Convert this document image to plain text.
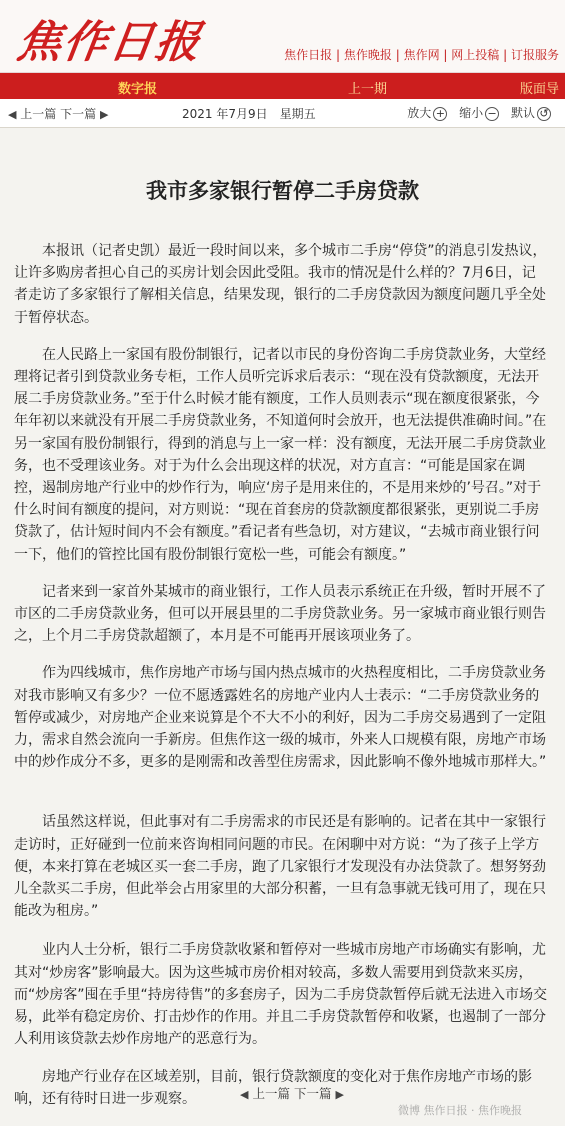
焦作日报	焦作日报 | 焦作晚报 | 焦作网 | 网上投稿 | 订报服务
数字报	上一期	版面导
◀ 上一篇 下一篇 ▶	2021 年7月9日　星期五	放大 + 缩小 − 默认 ↺
我市多家银行暂停二手房贷款

本报讯（记者史凯）最近一段时间以来，多个城市二手房“停贷”的消息引发热议，让许多购房者担心自己的买房计划会因此受阻。我市的情况是什么样的？7月6日，记者走访了多家银行了解相关信息，结果发现，银行的二手房贷款因为额度问题几乎全处于暂停状态。

在人民路上一家国有股份制银行，记者以市民的身份咨询二手房贷款业务，大堂经理将记者引到贷款业务专柜，工作人员听完诉求后表示：“现在没有贷款额度，无法开展二手房贷款业务。”至于什么时候才能有额度，工作人员则表示“现在额度很紧张，今年年初以来就没有开展二手房贷款业务，不知道何时会放开，也无法提供准确时间。”在另一家国有股份制银行，得到的消息与上一家一样：没有额度，无法开展二手房贷款业务，也不受理该业务。对于为什么会出现这样的状况，对方直言：“可能是国家在调控，遏制房地产行业中的炒作行为，响应‘房子是用来住的，不是用来炒的’号召。”对于什么时间有额度的提问，对方则说：“现在首套房的贷款额度都很紧张，更别说二手房贷款了，估计短时间内不会有额度。”看记者有些急切，对方建议，“去城市商业银行问一下，他们的管控比国有股份制银行宽松一些，可能会有额度。”

记者来到一家首外某城市的商业银行，工作人员表示系统正在升级，暂时开展不了市区的二手房贷款业务，但可以开展县里的二手房贷款业务。另一家城市商业银行则告之，上个月二手房贷款超额了，本月是不可能再开展该项业务了。

作为四线城市，焦作房地产市场与国内热点城市的火热程度相比，二手房贷款业务对我市影响又有多少？一位不愿透露姓名的房地产业内人士表示：“二手房贷款业务的暂停或减少，对房地产企业来说算是个不大不小的利好，因为二手房交易遇到了一定阻力，需求自然会流向一手新房。但焦作这一级的城市，外来人口规模有限，房地产市场中的炒作成分不多，更多的是刚需和改善型住房需求，因此影响不像外地城市那样大。”

话虽然这样说，但此事对有二手房需求的市民还是有影响的。记者在其中一家银行走访时，正好碰到一位前来咨询相同问题的市民。在闲聊中对方说：“为了孩子上学方便，本来打算在老城区买一套二手房，跑了几家银行才发现没有办法贷款了。想努努劲儿全款买二手房，但此举会占用家里的大部分积蓄，一旦有急事就无钱可用了，现在只能改为租房。”

业内人士分析，银行二手房贷款收紧和暂停对一些城市房地产市场确实有影响，尤其对“炒房客”影响最大。因为这些城市房价相对较高，多数人需要用到贷款来买房，而“炒房客”囤在手里“持房待售”的多套房子，因为二手房贷款暂停后就无法进入市场交易，此举有稳定房价、打击炒作的作用。并且二手房贷款暂停和收紧，也遏制了一部分人利用该贷款去炒作房地产的恶意行为。

房地产行业存在区域差别，目前，银行贷款额度的变化对于焦作房地产市场的影响，还有待时日进一步观察。	◀ 上一篇 下一篇 ▶
微博 焦作日报 · 焦作晚报
